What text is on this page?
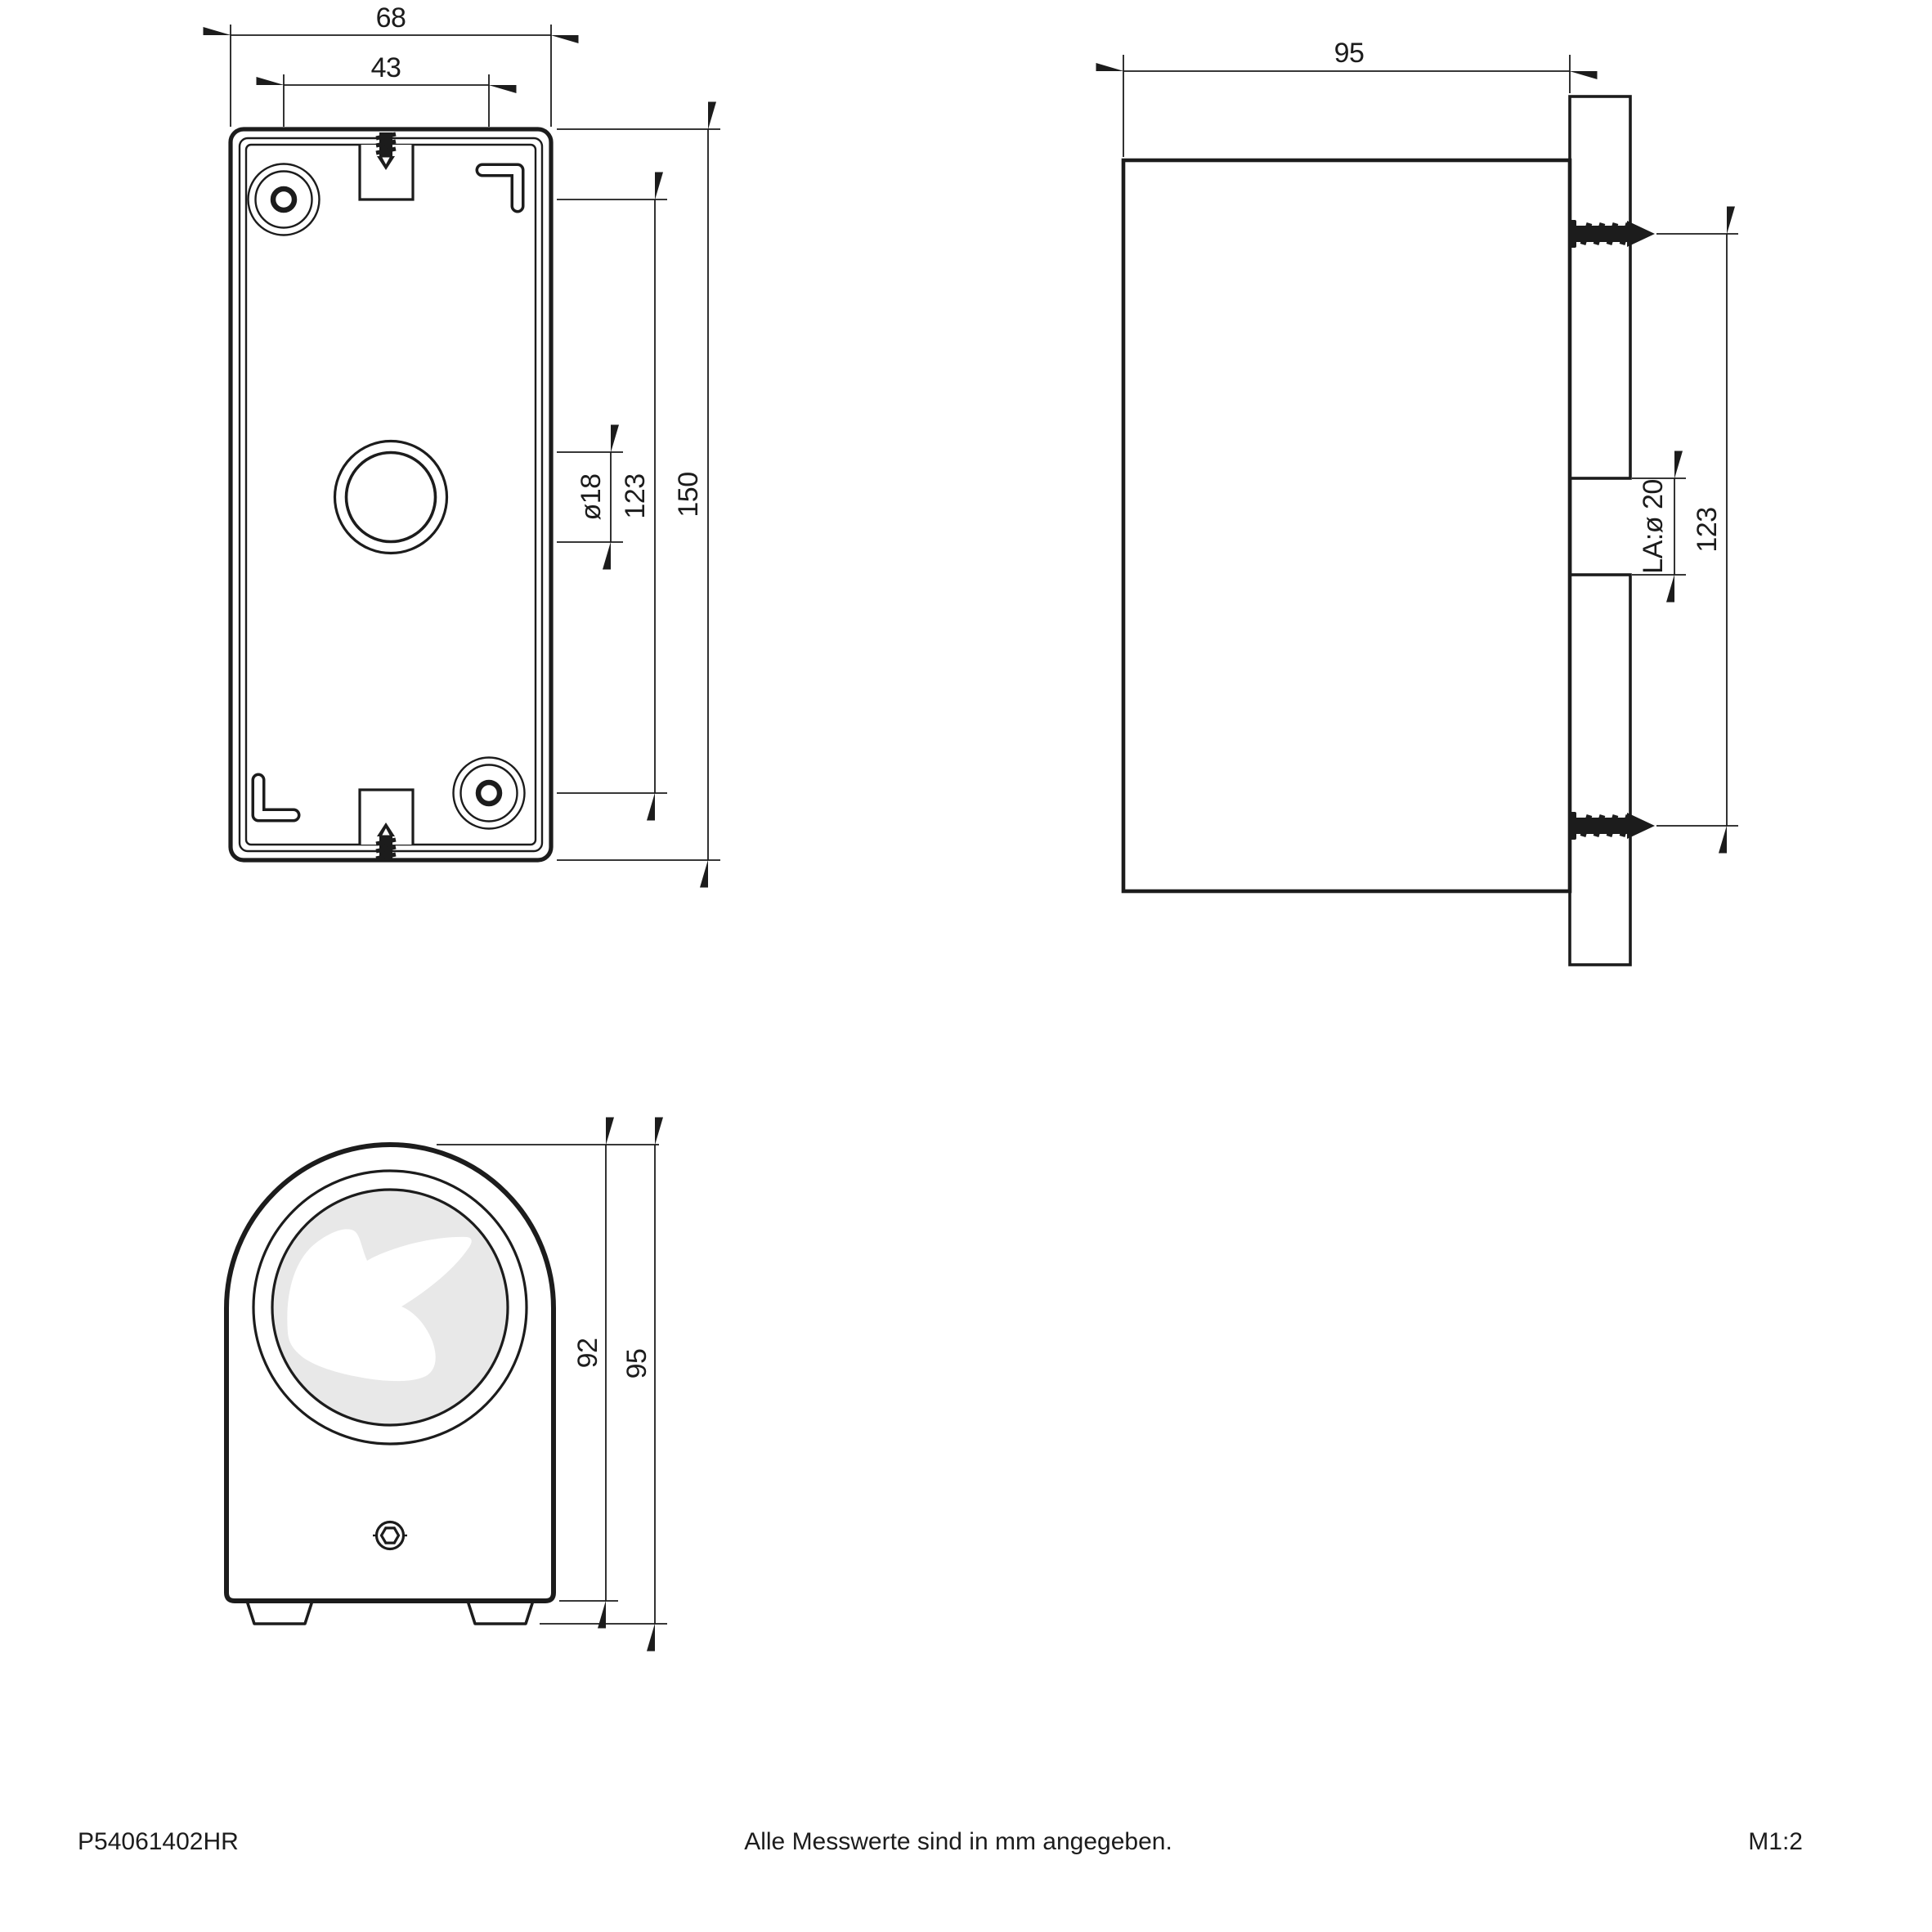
68
43
ø18 123 150
95
LA:ø 20 123
92 95
P54061402HR	Alle Messwerte sind in mm angegeben.	M1:2
